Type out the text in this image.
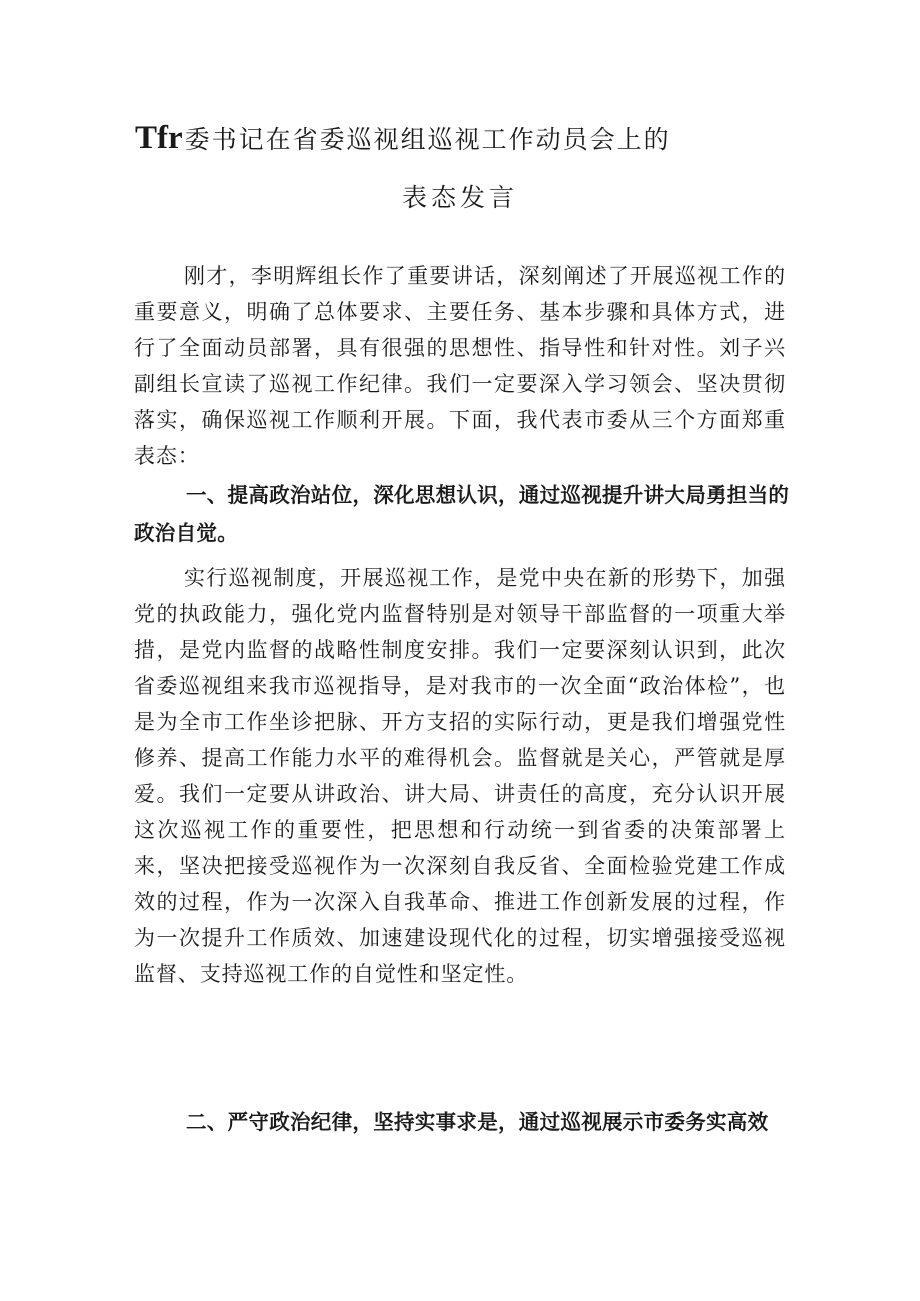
Tfr委书记在省委巡视组巡视工作动员会上的
表态发言

刚才，李明辉组长作了重要讲话，深刻阐述了开展巡视工作的重要意义，明确了总体要求、主要任务、基本步骤和具体方式，进行了全面动员部署，具有很强的思想性、指导性和针对性。刘子兴副组长宣读了巡视工作纪律。我们一定要深入学习领会、坚决贯彻落实，确保巡视工作顺利开展。下面，我代表市委从三个方面郑重表态：

一、提高政治站位，深化思想认识，通过巡视提升讲大局勇担当的政治自觉。

实行巡视制度，开展巡视工作，是党中央在新的形势下，加强党的执政能力，强化党内监督特别是对领导干部监督的一项重大举措，是党内监督的战略性制度安排。我们一定要深刻认识到，此次省委巡视组来我市巡视指导，是对我市的一次全面“政治体检”，也是为全市工作坐诊把脉、开方支招的实际行动，更是我们增强党性修养、提高工作能力水平的难得机会。监督就是关心，严管就是厚爱。我们一定要从讲政治、讲大局、讲责任的高度，充分认识开展这次巡视工作的重要性，把思想和行动统一到省委的决策部署上来，坚决把接受巡视作为一次深刻自我反省、全面检验党建工作成效的过程，作为一次深入自我革命、推进工作创新发展的过程，作为一次提升工作质效、加速建设现代化的过程，切实增强接受巡视监督、支持巡视工作的自觉性和坚定性。

二、严守政治纪律，坚持实事求是，通过巡视展示市委务实高效
